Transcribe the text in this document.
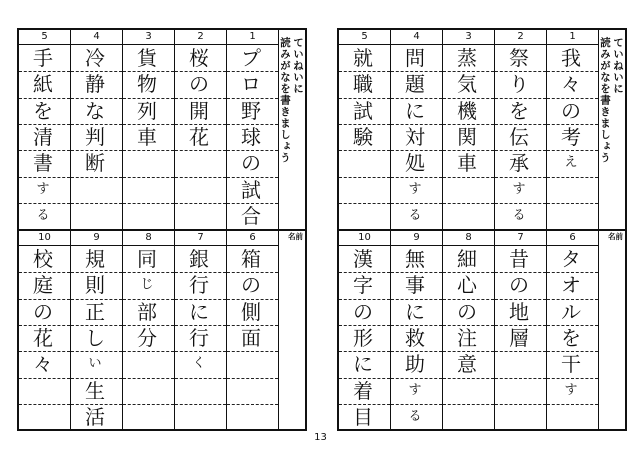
5
手
紙
を
清
書
す
る
4
冷
静
な
判
断
3
貨
物
列
車
2
桜
の
開
花
1
プ
ロ
野
球
の
試
合
10
校
庭
の
花
々
9
規
則
正
し
い
生
活
8
同
じ
部
分
7
銀
行
に
行
く
6
箱
の
側
面
ていねいに
読みがなを書きましょう
名前
5
就
職
試
験
4
問
題
に
対
処
す
る
3
蒸
気
機
関
車
2
祭
り
を
伝
承
す
る
1
我
々
の
考
え
10
漢
字
の
形
に
着
目
9
無
事
に
救
助
す
る
8
細
心
の
注
意
7
昔
の
地
層
6
タ
オ
ル
を
干
す
ていねいに
読みがなを書きましょう
名前
13
